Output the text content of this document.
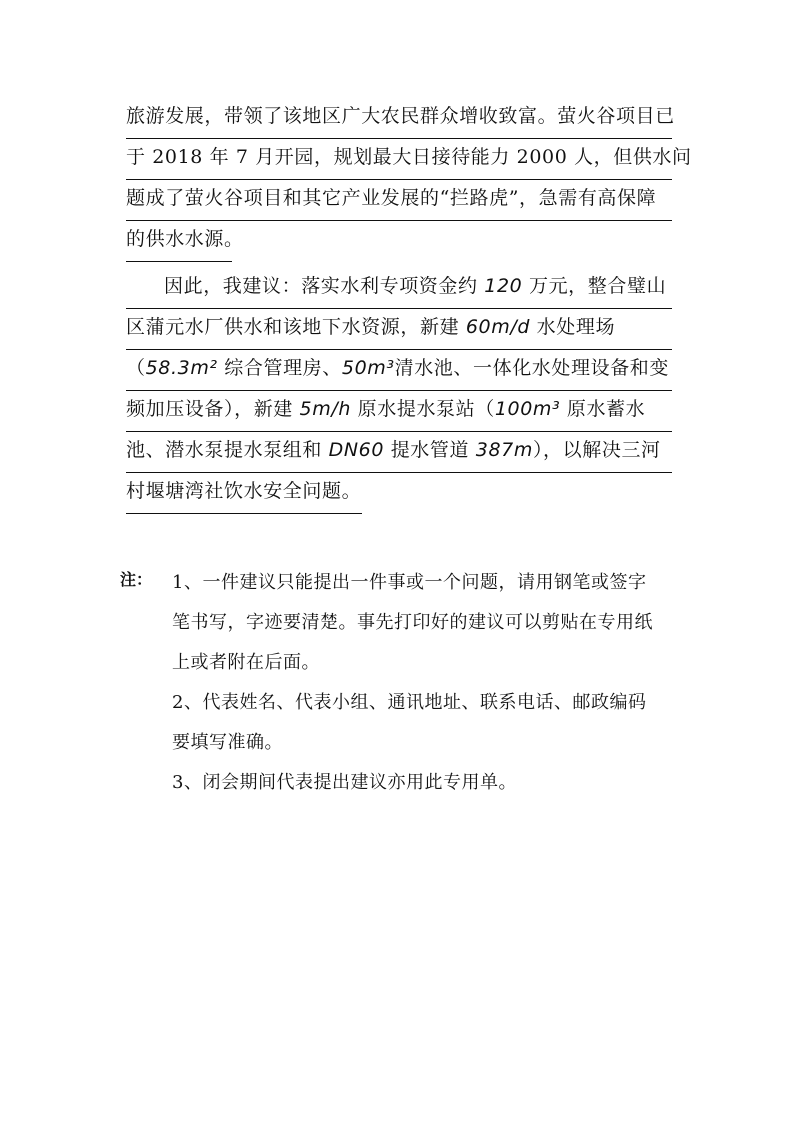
旅游发展，带领了该地区广大农民群众增收致富。萤火谷项目已
于 2018 年 7 月开园，规划最大日接待能力 2000 人，但供水问
题成了萤火谷项目和其它产业发展的“拦路虎”，急需有高保障
的供水水源。
因此，我建议：落实水利专项资金约 120 万元，整合璧山
区蒲元水厂供水和该地下水资源，新建 60m/d 水处理场
（58.3m² 综合管理房、50m³清水池、一体化水处理设备和变
频加压设备），新建 5m/h 原水提水泵站（100m³ 原水蓄水
池、潜水泵提水泵组和 DN60 提水管道 387m），以解决三河
村堰塘湾社饮水安全问题。
注： 1、一件建议只能提出一件事或一个问题，请用钢笔或签字
笔书写，字迹要清楚。事先打印好的建议可以剪贴在专用纸
上或者附在后面。
2、代表姓名、代表小组、通讯地址、联系电话、邮政编码
要填写准确。
3、闭会期间代表提出建议亦用此专用单。
